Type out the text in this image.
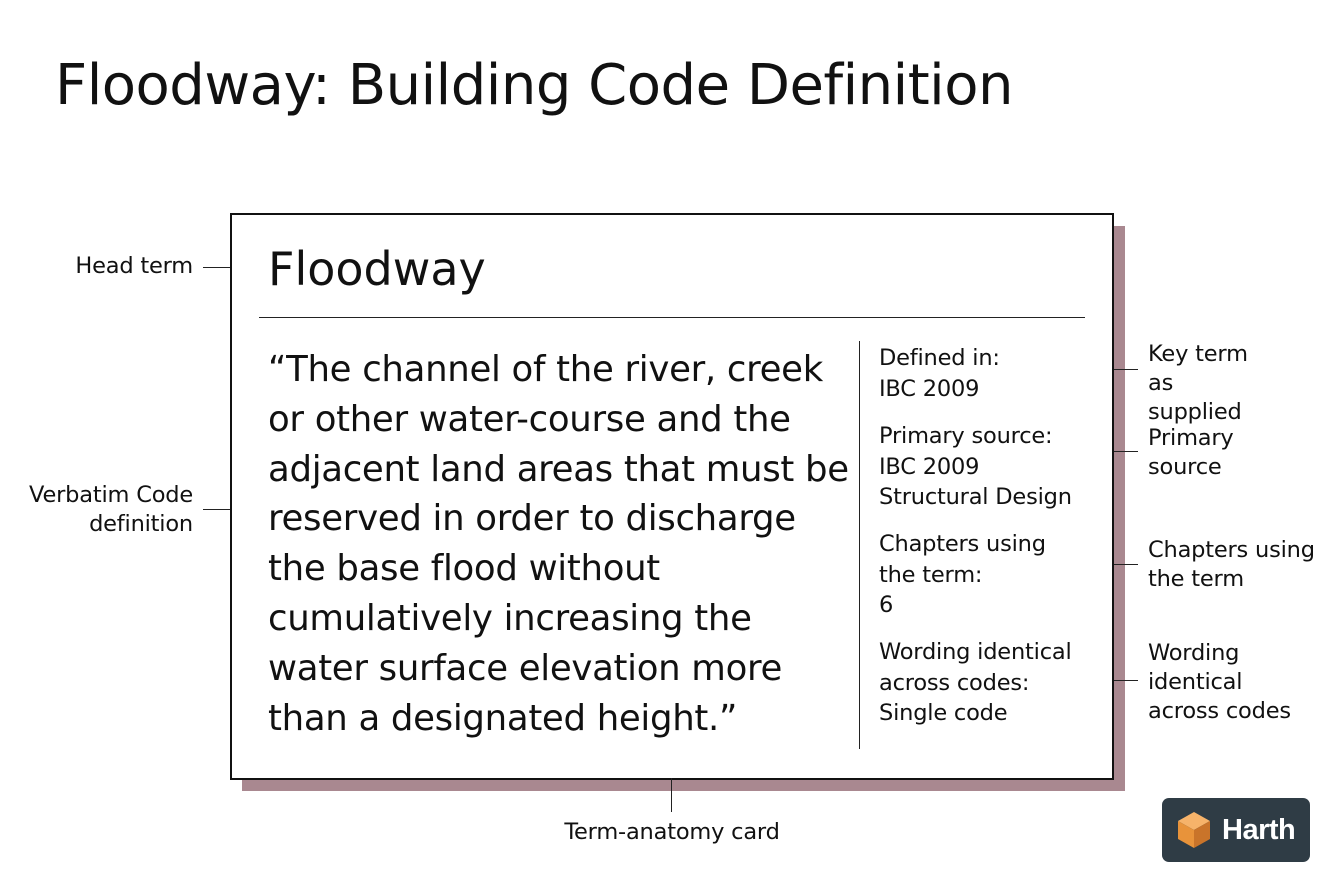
Floodway: Building Code Definition
Floodway

“The channel of the river, creek or other water-course and the adjacent land areas that must be reserved in order to discharge the base flood without cumulatively increasing the water surface elevation more than a designated height.”

Defined in:
IBC 2009
Primary source:
IBC 2009 Structural Design
Chapters using the term:
6
Wording identical across codes:
Single code
Head term
Verbatim Code definition
Key term as supplied
Primary source
Chapters using the term
Wording identical across codes
Term-anatomy card	Harth
